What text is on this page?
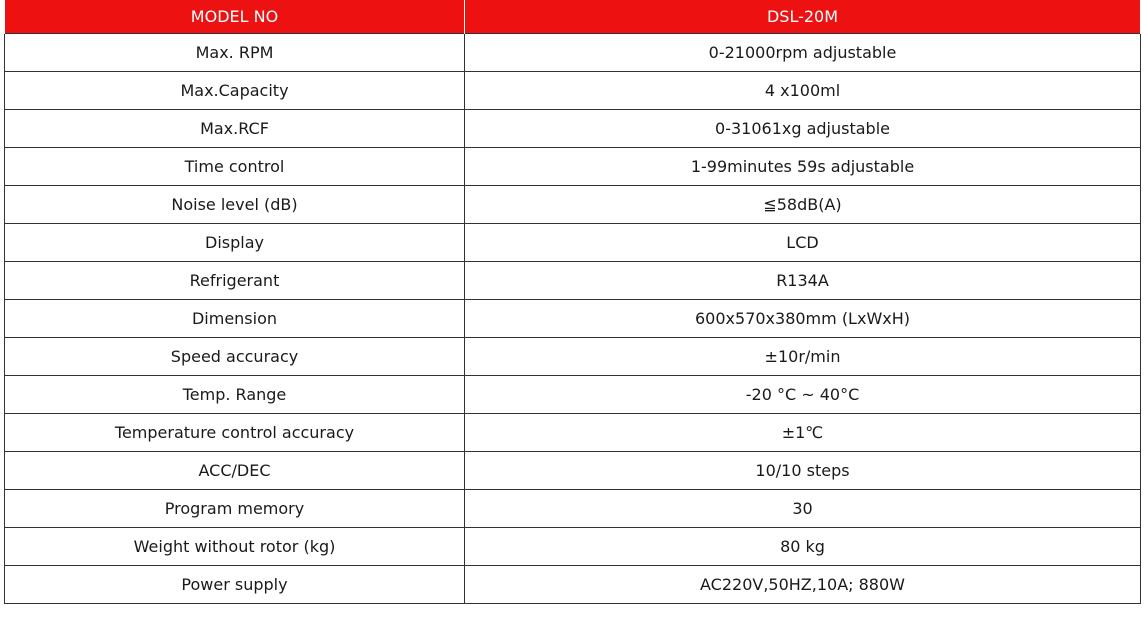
MODEL NO	DSL-20M
Max. RPM	0-21000rpm adjustable
Max.Capacity	4 x100ml
Max.RCF	0-31061xg adjustable
Time control	1-99minutes 59s adjustable
Noise level (dB)	≦58dB(A)
Display	LCD
Refrigerant	R134A
Dimension	600x570x380mm (LxWxH)
Speed accuracy	±10r/min
Temp. Range	-20 °C ~ 40°C
Temperature control accuracy	±1℃
ACC/DEC	10/10 steps
Program memory	30
Weight without rotor (kg)	80 kg
Power supply	AC220V,50HZ,10A; 880W
